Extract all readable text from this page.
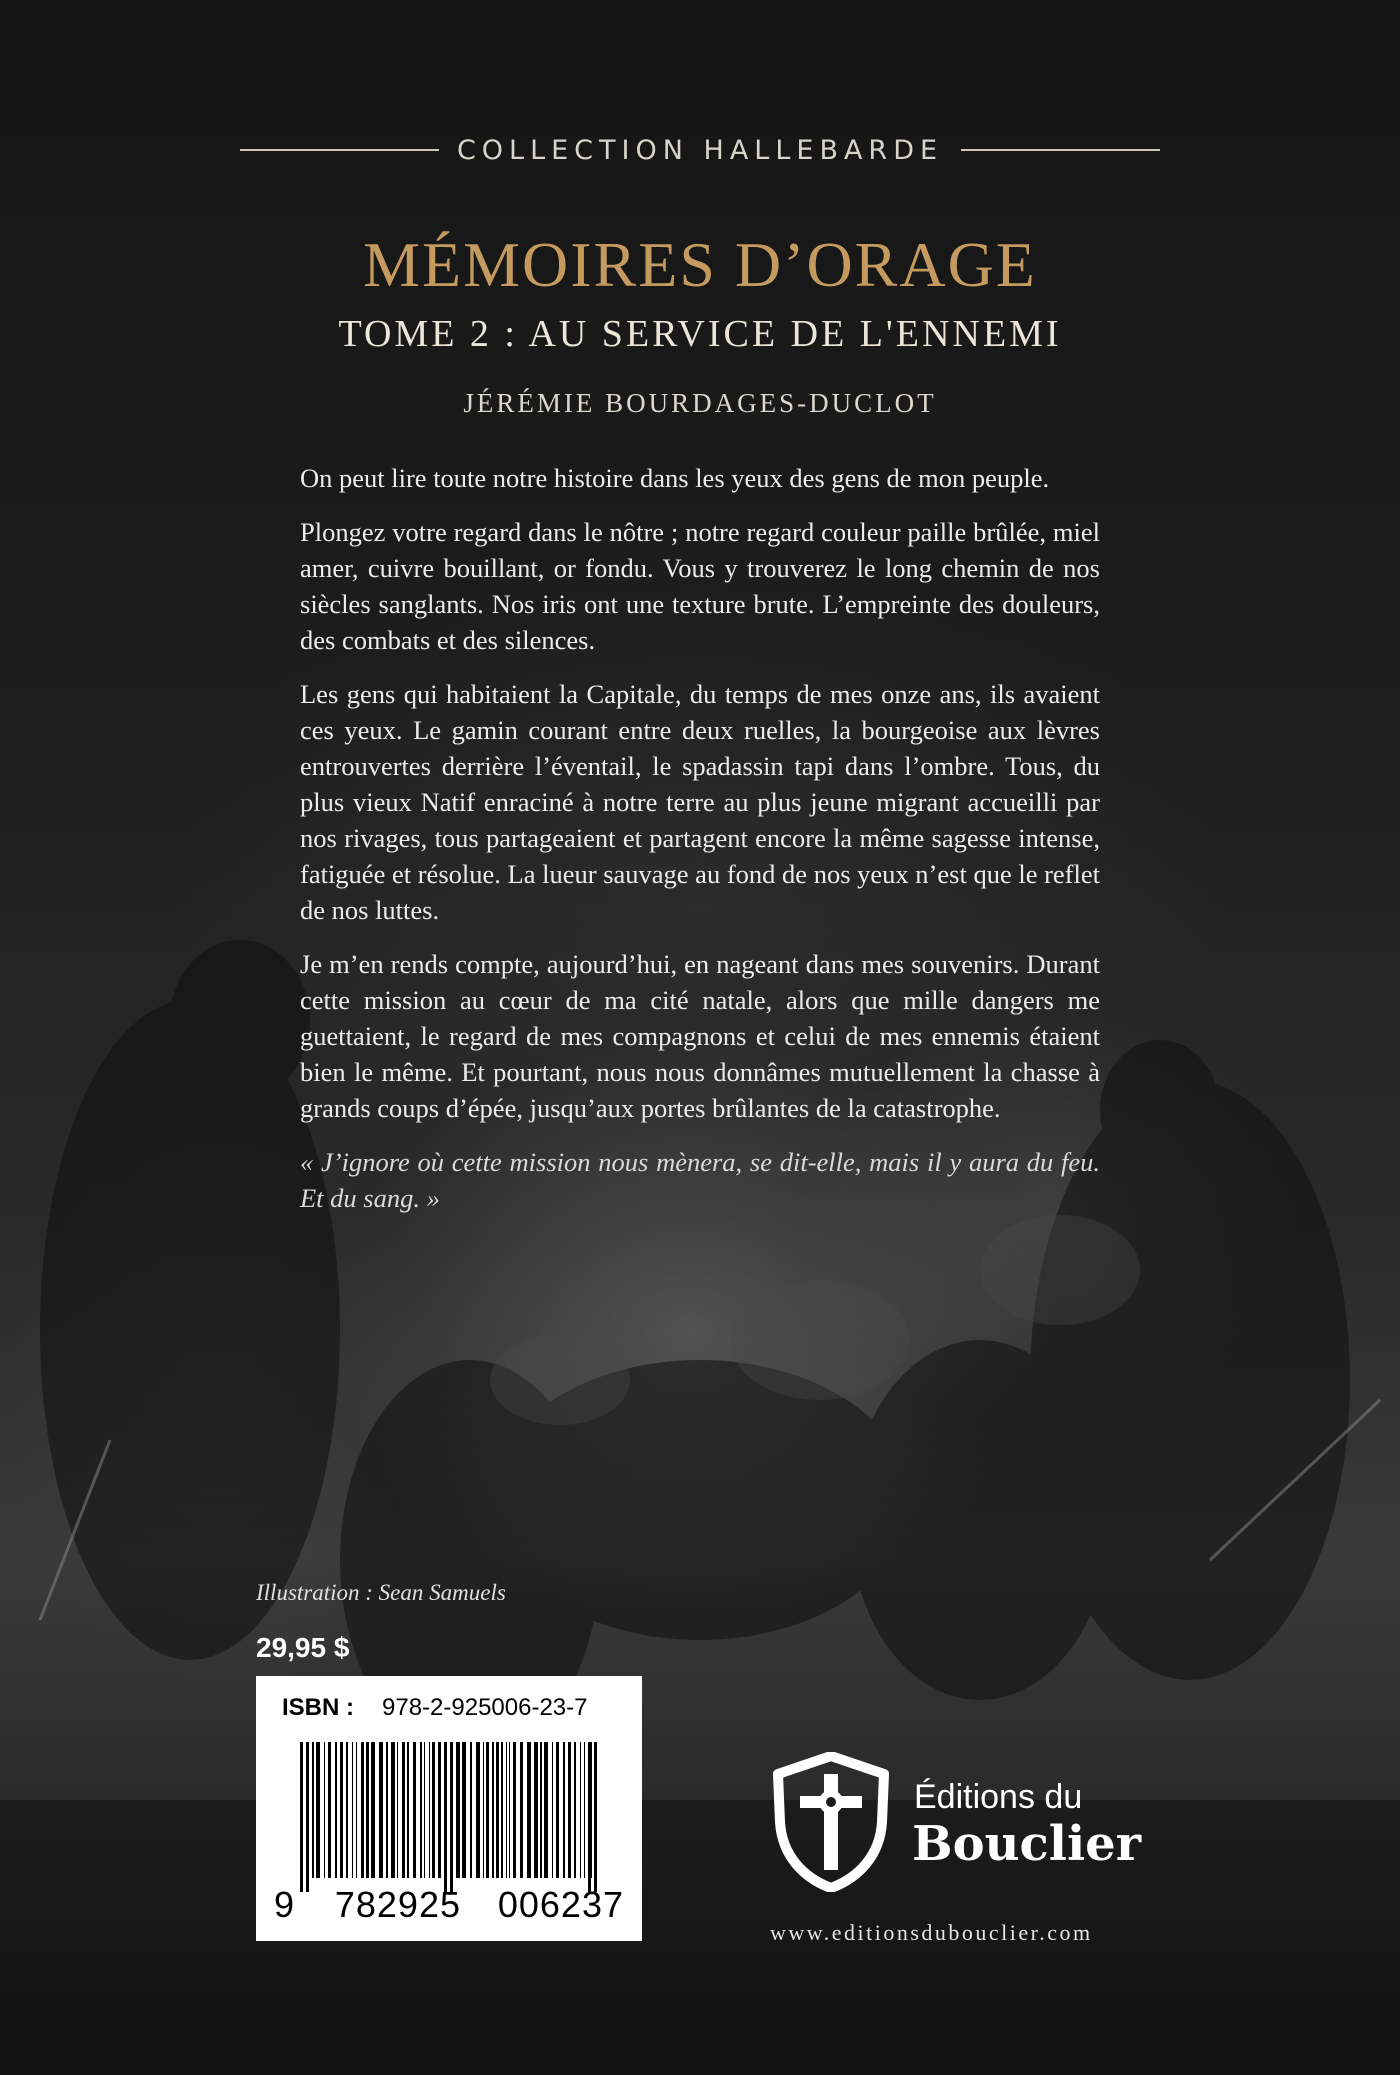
COLLECTION HALLEBARDE
MÉMOIRES D’ORAGE
TOME 2 : AU SERVICE DE L'ENNEMI
JÉRÉMIE BOURDAGES-DUCLOT

On peut lire toute notre histoire dans les yeux des gens de mon peuple.

Plongez votre regard dans le nôtre ; notre regard couleur paille brûlée, miel amer, cuivre bouillant, or fondu. Vous y trouverez le long chemin de nos siècles sanglants. Nos iris ont une texture brute. L’empreinte des douleurs, des combats et des silences.

Les gens qui habitaient la Capitale, du temps de mes onze ans, ils avaient ces yeux. Le gamin courant entre deux ruelles, la bourgeoise aux lèvres entrouvertes derrière l’éventail, le spadassin tapi dans l’ombre. Tous, du plus vieux Natif enraciné à notre terre au plus jeune migrant accueilli par nos rivages, tous partageaient et partagent encore la même sagesse intense, fatiguée et résolue. La lueur sauvage au fond de nos yeux n’est que le reflet de nos luttes.

Je m’en rends compte, aujourd’hui, en nageant dans mes souvenirs. Durant cette mission au cœur de ma cité natale, alors que mille dangers me guettaient, le regard de mes compagnons et celui de mes ennemis étaient bien le même. Et pourtant, nous nous donnâmes mutuellement la chasse à grands coups d’épée, jusqu’aux portes brûlantes de la catastrophe.

« J’ignore où cette mission nous mènera, se dit-elle, mais il y aura du feu. Et du sang. »

Illustration : Sean Samuels
29,95 $
ISBN : 978-2-925006-23-7
9 782925 006237
Éditions du
Bouclier
www.editionsdubouclier.com
